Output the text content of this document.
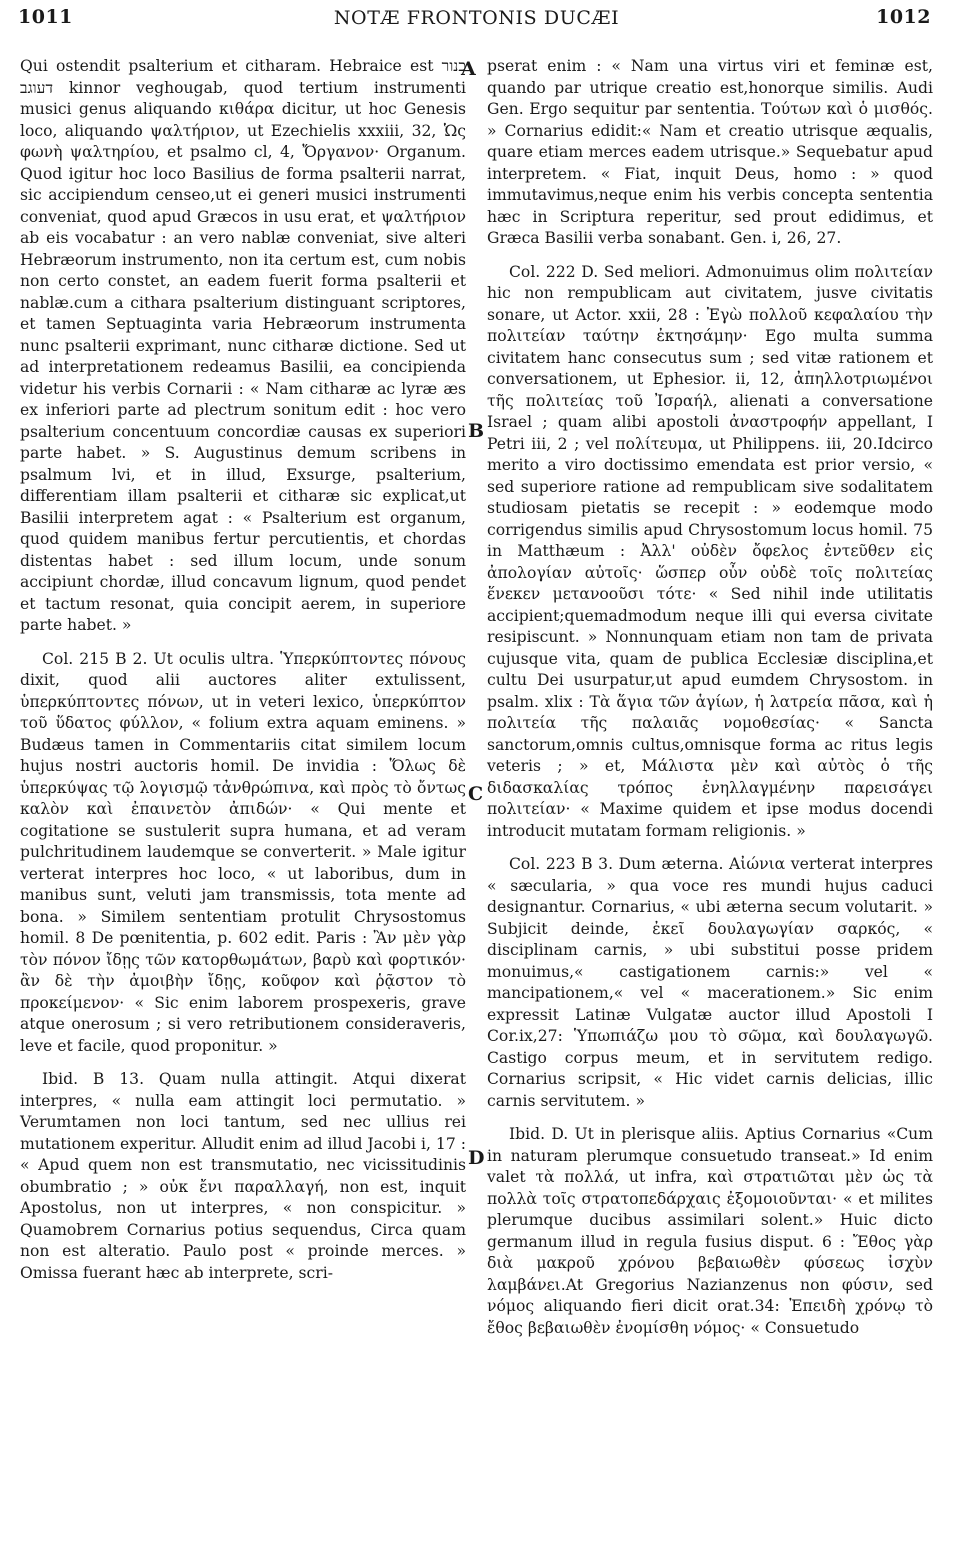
1011	NOTÆ FRONTONIS DUCÆI	1012
A
B
C
D

Qui ostendit psalterium et citharam. Hebraice est כנור דעוגב kinnor veghougab, quod tertium instrumenti musici genus aliquando κιθάρα dicitur, ut hoc Genesis loco, aliquando ψαλτήριον, ut Ezechielis xxxiii, 32, Ὡς φωνὴ ψαλτηρίου, et psalmo cl, 4, Ὄργανον· Organum. Quod igitur hoc loco Basilius de forma psalterii narrat, sic accipiendum censeo,ut ei generi musici instrumenti conveniat, quod apud Græcos in usu erat, et ψαλτήριον ab eis vocabatur : an vero nablæ conveniat, sive alteri Hebræorum instrumento, non ita certum est, cum nobis non certo constet, an eadem fuerit forma psalterii et nablæ.cum a cithara psalterium distinguant scriptores, et tamen Septuaginta varia Hebræorum instrumenta nunc psalterii exprimant, nunc citharæ dictione. Sed ut ad interpretationem redeamus Basilii, ea concipienda videtur his verbis Cornarii : « Nam citharæ ac lyræ æs ex inferiori parte ad plectrum sonitum edit : hoc vero psalterium concentuum concordiæ causas ex superiori parte habet. » S. Augustinus demum scribens in psalmum lvi, et in illud, Exsurge, psalterium, differentiam illam psalterii et citharæ sic explicat,ut Basilii interpretem agat : « Psalterium est organum, quod quidem manibus fertur percutientis, et chordas distentas habet : sed illum locum, unde sonum accipiunt chordæ, illud concavum lignum, quod pendet et tactum resonat, quia concipit aerem, in superiore parte habet. »

Col. 215 B 2. Ut oculis ultra. Ὑπερκύπτοντες πόνους dixit, quod alii auctores aliter extulissent, ὑπερκύπτοντες πόνων, ut in veteri lexico, ὑπερκύπτον τοῦ ὕδατος φύλλον, « folium extra aquam eminens. » Budæus tamen in Commentariis citat similem locum hujus nostri auctoris homil. De invidia : Ὅλως δὲ ὑπερκύψας τῷ λογισμῷ τἀνθρώπινα, καὶ πρὸς τὸ ὄντως καλὸν καὶ ἐπαινετὸν ἀπιδών· « Qui mente et cogitatione se sustulerit supra humana, et ad veram pulchritudinem laudemque se converterit. » Male igitur verterat interpres hoc loco, « ut laboribus, dum in manibus sunt, veluti jam transmissis, tota mente ad bona. » Similem sententiam protulit Chrysostomus homil. 8 De pœnitentia, p. 602 edit. Paris : Ἂν μὲν γὰρ τὸν πόνον ἴδῃς τῶν κατορθωμάτων, βαρὺ καὶ φορτικόν· ἂν δὲ τὴν ἀμοιβὴν ἴδῃς, κοῦφον καὶ ῥᾷστον τὸ προκείμενον· « Sic enim laborem prospexeris, grave atque onerosum ; si vero retributionem consideraveris, leve et facile, quod proponitur. »

Ibid. B 13. Quam nulla attingit. Atqui dixerat interpres, « nulla eam attingit loci permutatio. » Verumtamen non loci tantum, sed nec ullius rei mutationem experitur. Alludit enim ad illud Jacobi i, 17 : « Apud quem non est transmutatio, nec vicissitudinis obumbratio ; » οὐκ ἔνι παραλλαγή, non est, inquit Apostolus, non ut interpres, « non conspicitur. » Quamobrem Cornarius potius sequendus, Circa quam non est alteratio. Paulo post « proinde merces. » Omissa fuerant hæc ab interprete, scri-

pserat enim : « Nam una virtus viri et feminæ est, quando par utrique creatio est,honorque similis. Audi Gen. Ergo sequitur par sententia. Τούτων καὶ ὁ μισθός. » Cornarius edidit:« Nam et creatio utrisque æqualis, quare etiam merces eadem utrisque.» Sequebatur apud interpretem. « Fiat, inquit Deus, homo : » quod immutavimus,neque enim his verbis concepta sententia hæc in Scriptura reperitur, sed prout edidimus, et Græca Basilii verba sonabant. Gen. i, 26, 27.

Col. 222 D. Sed meliori. Admonuimus olim πολιτείαν hic non rempublicam aut civitatem, jusve civitatis sonare, ut Actor. xxii, 28 : Ἐγὼ πολλοῦ κεφαλαίου τὴν πολιτείαν ταύτην ἐκτησάμην· Ego multa summa civitatem hanc consecutus sum ; sed vitæ rationem et conversationem, ut Ephesior. ii, 12, ἀπηλλοτριωμένοι τῆς πολιτείας τοῦ Ἰσραήλ, alienati a conversatione Israel ; quam alibi apostoli ἀναστροφήν appellant, I Petri iii, 2 ; vel πολίτευμα, ut Philippens. iii, 20.Idcirco merito a viro doctissimo emendata est prior versio, « sed superiore ratione ad rempublicam sive sodalitatem studiosam pietatis se recepit : » eodemque modo corrigendus similis apud Chrysostomum locus homil. 75 in Matthæum : Ἀλλ' οὐδὲν ὄφελος ἐντεῦθεν εἰς ἀπολογίαν αὐτοῖς· ὥσπερ οὖν οὐδὲ τοῖς πολιτείας ἕνεκεν μετανοοῦσι τότε· « Sed nihil inde utilitatis accipient;quemadmodum neque illi qui eversa civitate resipiscunt. » Nonnunquam etiam non tam de privata cujusque vita, quam de publica Ecclesiæ disciplina,et cultu Dei usurpatur,ut apud eumdem Chrysostom. in psalm. xlix : Τὰ ἅγια τῶν ἁγίων, ἡ λατρεία πᾶσα, καὶ ἡ πολιτεία τῆς παλαιᾶς νομοθεσίας· « Sancta sanctorum,omnis cultus,omnisque forma ac ritus legis veteris ; » et, Μάλιστα μὲν καὶ αὐτὸς ὁ τῆς διδασκαλίας τρόπος ἐνηλλαγμένην παρεισάγει πολιτείαν· « Maxime quidem et ipse modus docendi introducit mutatam formam religionis. »

Col. 223 B 3. Dum æterna. Αἰώνια verterat interpres « sæcularia, » qua voce res mundi hujus caduci designantur. Cornarius, « ubi æterna secum volutarit. » Subjicit deinde, ἐκεῖ δουλαγωγίαν σαρκός, « disciplinam carnis, » ubi substitui posse pridem monuimus,« castigationem carnis:» vel « mancipationem,« vel « macerationem.» Sic enim expressit Latinæ Vulgatæ auctor illud Apostoli I Cor.ix,27: Ὑπωπιάζω μου τὸ σῶμα, καὶ δουλαγωγῶ. Castigo corpus meum, et in servitutem redigo. Cornarius scripsit, « Hic videt carnis delicias, illic carnis servitutem. »

Ibid. D. Ut in plerisque aliis. Aptius Cornarius «Cum in naturam plerumque consuetudo transeat.» Id enim valet τὰ πολλά, ut infra, καὶ στρατιῶται μὲν ὡς τὰ πολλὰ τοῖς στρατοπεδάρχαις ἐξομοιοῦνται· « et milites plerumque ducibus assimilari solent.» Huic dicto germanum illud in regula fusius disput. 6 : Ἔθος γὰρ διὰ μακροῦ χρόνου βεβαιωθὲν φύσεως ἰσχὺν λαμβάνει.At Gregorius Nazianzenus non φύσιν, sed νόμος aliquando fieri dicit orat.34: Ἐπειδὴ χρόνῳ τὸ ἔθος βεβαιωθὲν ἐνομίσθη νόμος· « Consuetudo
